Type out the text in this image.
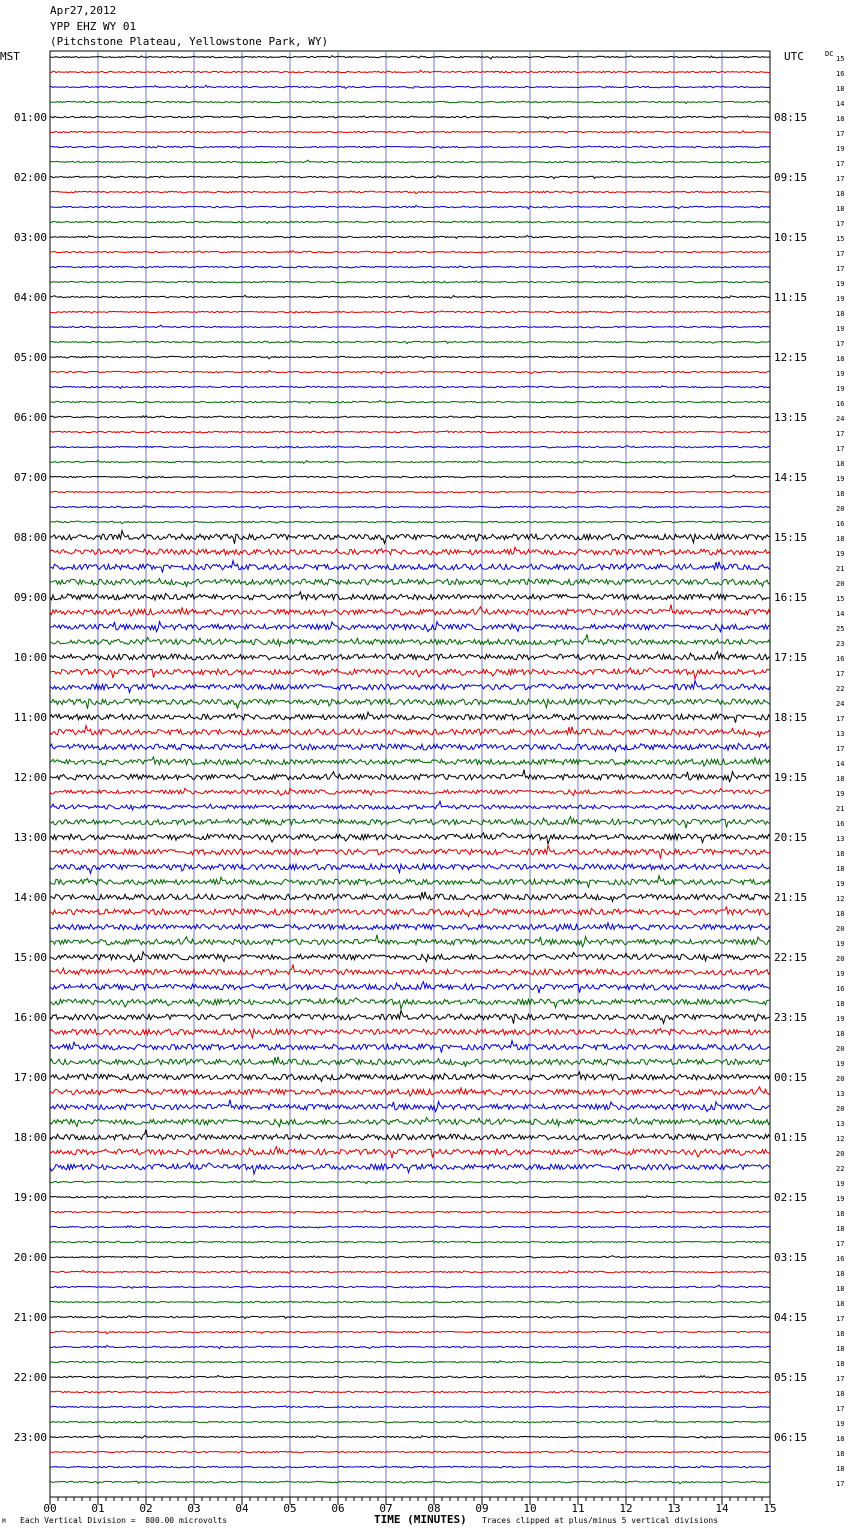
Apr27,2012
YPP EHZ WY 01
(Pitchstone Plateau, Yellowstone Park, WY)
01:00	08:15
02:00	09:15
03:00	10:15
04:00	11:15
05:00	12:15
06:00	13:15
07:00	14:15
08:00	15:15
09:00	16:15
10:00	17:15
11:00	18:15
12:00	19:15
13:00	20:15
14:00	21:15
15:00	22:15
16:00	23:15
17:00	00:15
18:00	01:15
19:00	02:15
20:00	03:15
21:00	04:15
22:00	05:15
23:00	06:15
MST	UTC	DC
15
16
18
14
18
17
19
17
17
18
18
17
15
17
17
19
19
18
19
17
18
19
19
16
24
17
17
18
19
18
20
16
18
19
21
20
15
14
25
23
16
17
22
24
17
13
17
14
18
19
21
16
13
18
18
19
12
18
20
19
20
19
16
18
19
18
20
19
20
13
20
13
12
20
22
19
19
18
18
17
16
18
18
18
17
18
18
18
17
18
17
19
18
18
18
17
00	01	02	03	04	05	06	07	08	09	10	11	12	13	14	15
M Each Vertical Division =  800.00 microvolts	TIME (MINUTES) Traces clipped at plus/minus 5 vertical divisions
